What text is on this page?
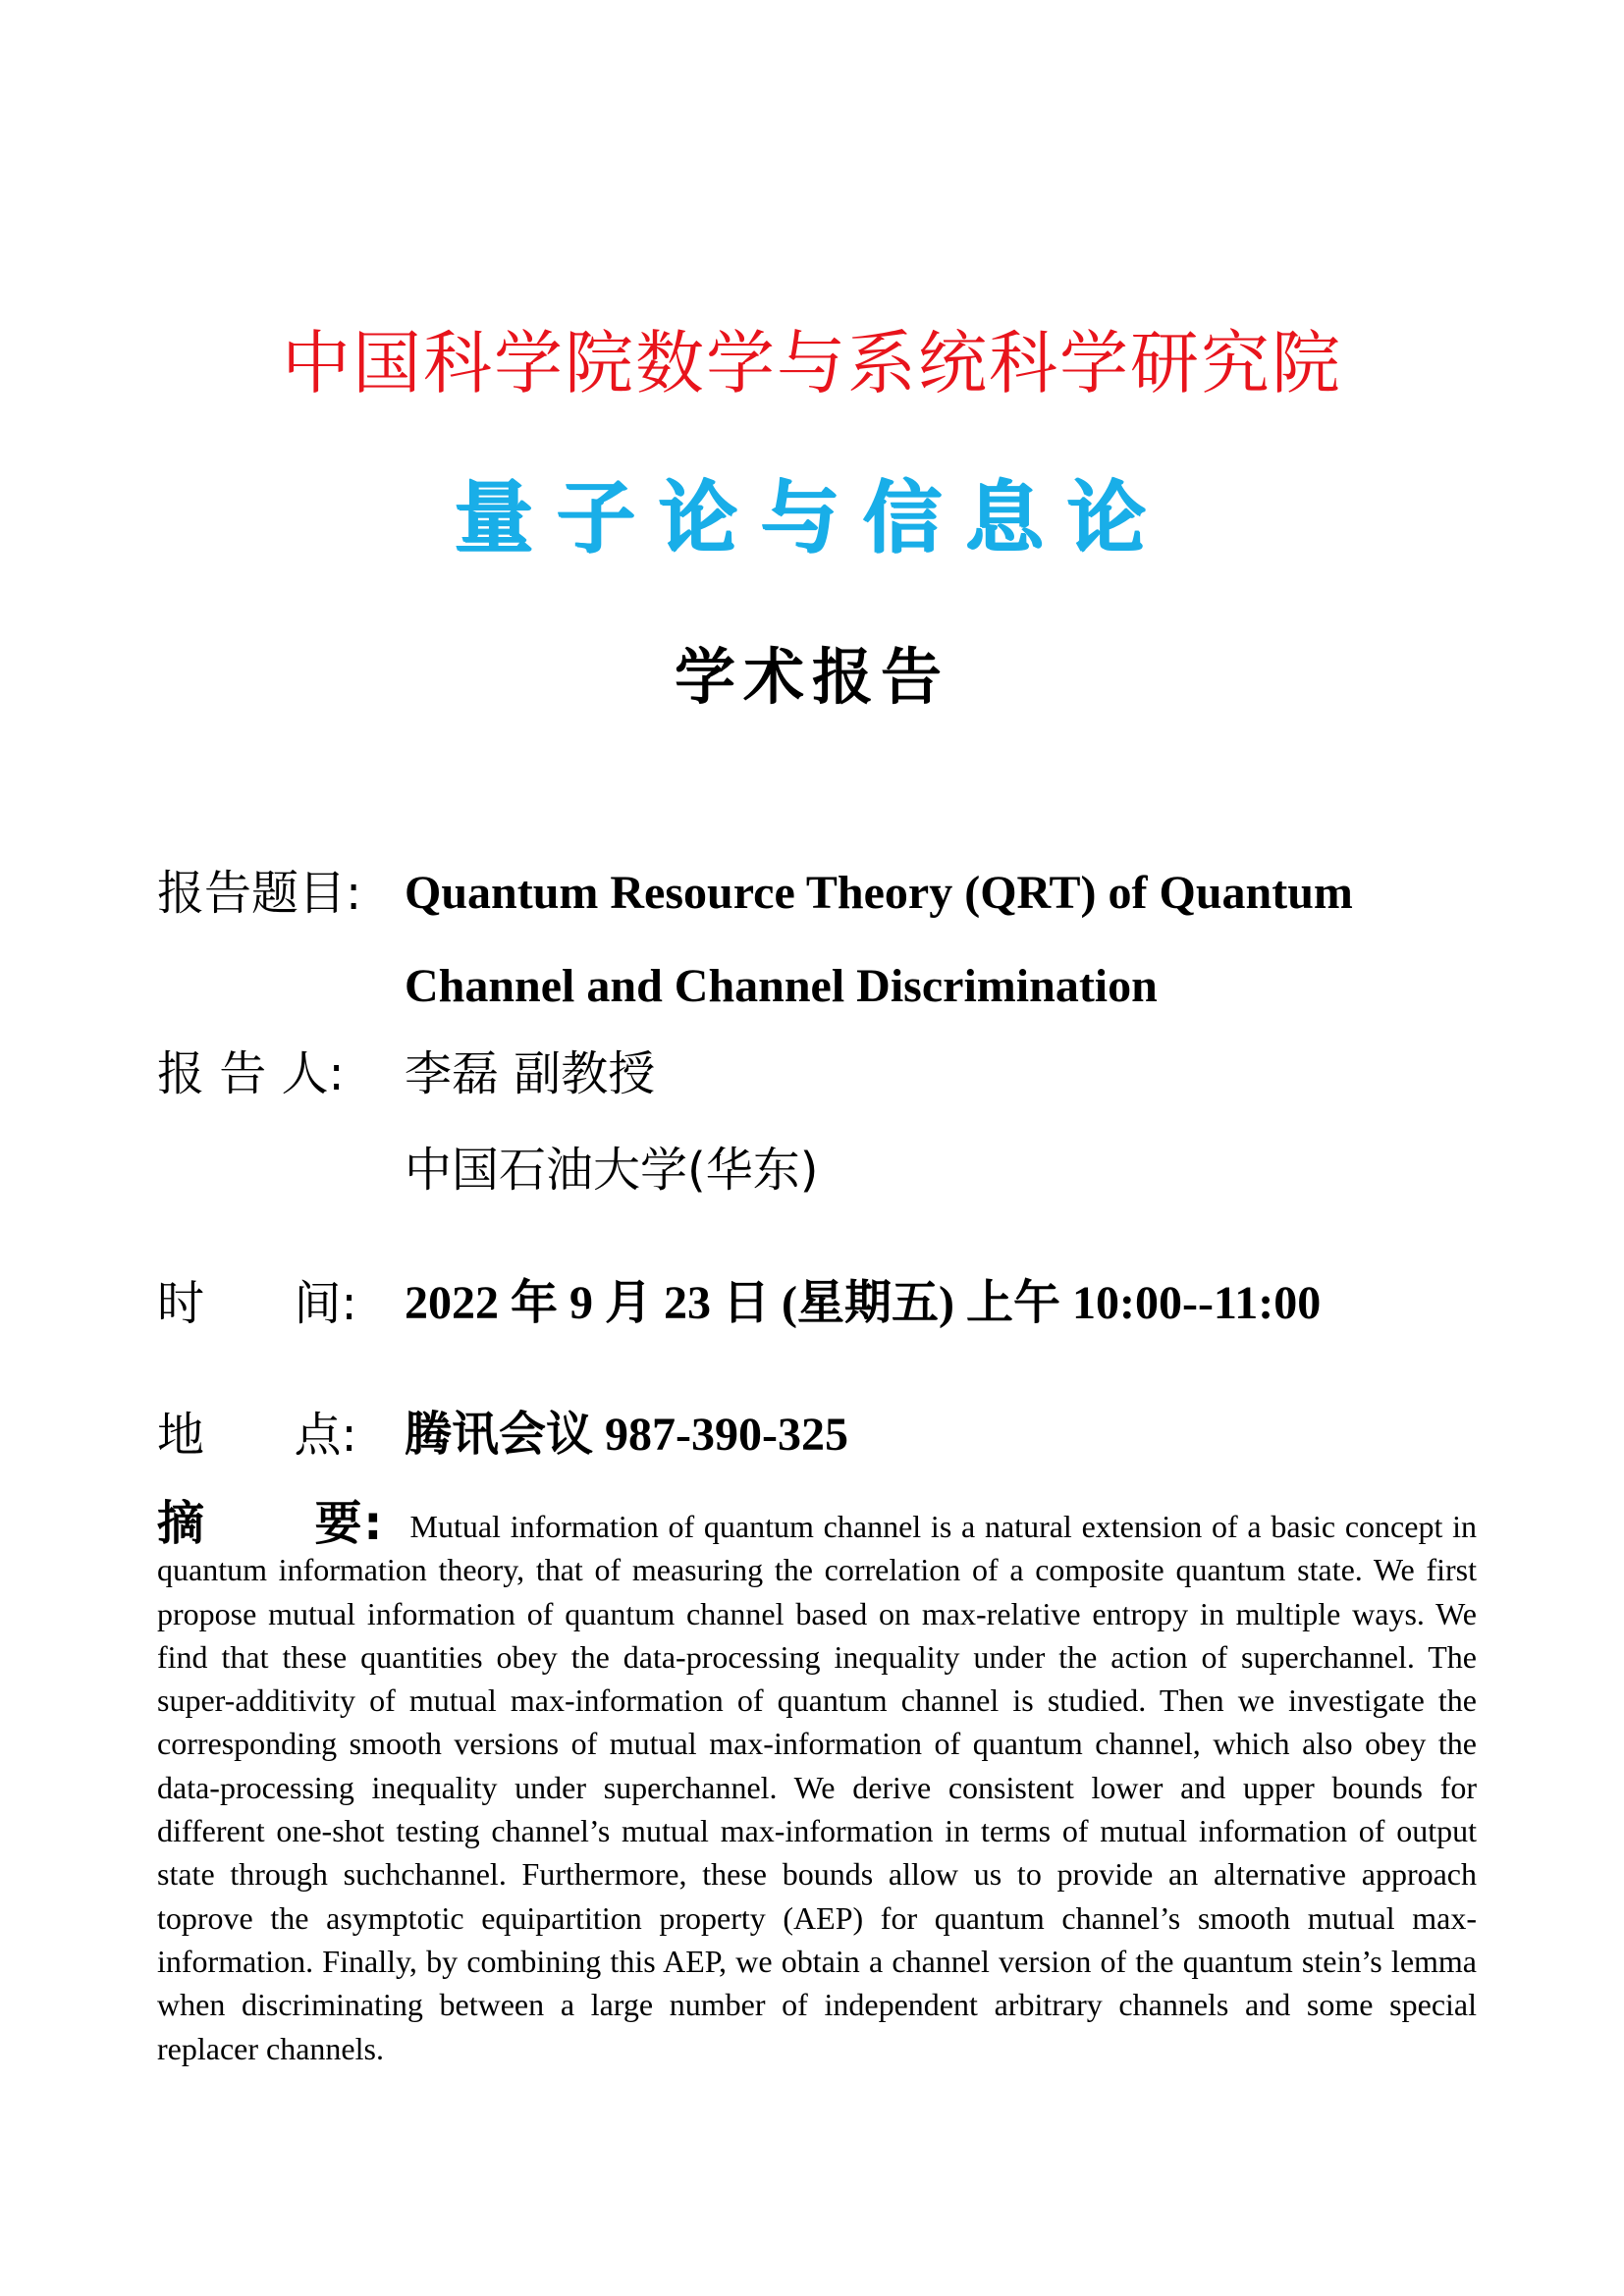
中国科学院数学与系统科学研究院
量子论与信息论
学术报告
报告题目: Quantum Resource Theory (QRT) of Quantum
Channel and Channel Discrimination
报 告 人: 李磊 副教授
中国石油大学(华东)
时      间: 2022 年 9 月 23 日 (星期五) 上午 10:00--11:00
地      点: 腾讯会议 987-390-325
摘      要: Mutual information of quantum channel is a natural extension of a basic concept in quantum information theory, that of measuring the correlation of a composite quantum state. We first propose mutual information of quantum channel based on max-relative entropy in multiple ways. We find that these quantities obey the data-processing inequality under the action of superchannel. The super-additivity of mutual max-information of quantum channel is studied. Then we investigate the corresponding smooth versions of mutual max-information of quantum channel, which also obey the data-processing inequality under superchannel. We derive consistent lower and upper bounds for different one-shot testing channel’s mutual max-information in terms of mutual information of output state through suchchannel. Furthermore, these bounds allow us to provide an alternative approach toprove the asymptotic equipartition property (AEP) for quantum channel’s smooth mutual max-information. Finally, by combining this AEP, we obtain a channel version of the quantum stein’s lemma when discriminating between a large number of independent arbitrary channels and some special replacer channels.
